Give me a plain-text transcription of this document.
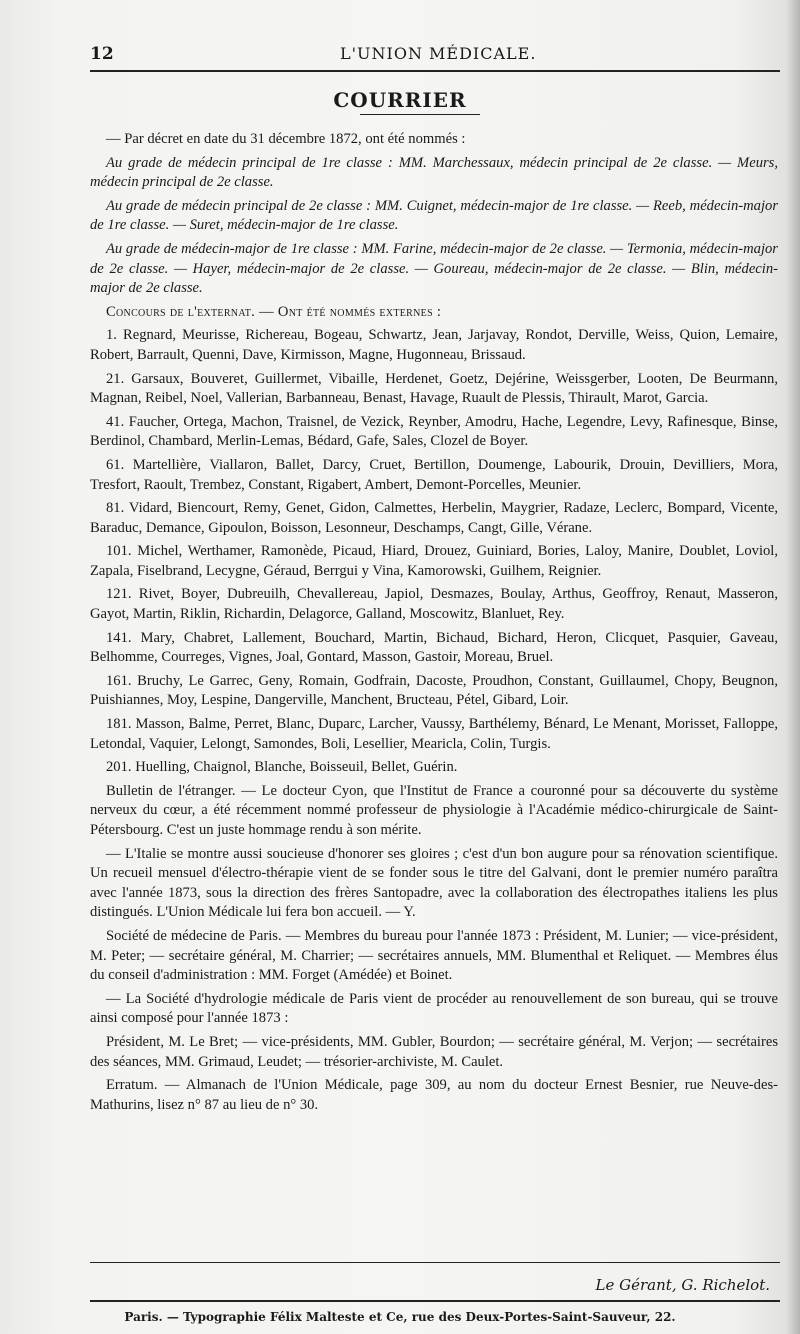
12	L'UNION MÉDICALE.
COURRIER

— Par décret en date du 31 décembre 1872, ont été nommés :

Au grade de médecin principal de 1re classe : MM. Marchessaux, médecin principal de 2e classe. — Meurs, médecin principal de 2e classe.

Au grade de médecin principal de 2e classe : MM. Cuignet, médecin-major de 1re classe. — Reeb, médecin-major de 1re classe. — Suret, médecin-major de 1re classe.

Au grade de médecin-major de 1re classe : MM. Farine, médecin-major de 2e classe. — Termonia, médecin-major de 2e classe. — Hayer, médecin-major de 2e classe. — Goureau, médecin-major de 2e classe. — Blin, médecin-major de 2e classe.

Concours de l'externat. — Ont été nommés externes :

1. Regnard, Meurisse, Richereau, Bogeau, Schwartz, Jean, Jarjavay, Rondot, Derville, Weiss, Quion, Lemaire, Robert, Barrault, Quenni, Dave, Kirmisson, Magne, Hugonneau, Brissaud.

21. Garsaux, Bouveret, Guillermet, Vibaille, Herdenet, Goetz, Dejérine, Weissgerber, Looten, De Beurmann, Magnan, Reibel, Noel, Vallerian, Barbanneau, Benast, Havage, Ruault de Plessis, Thirault, Marot, Garcia.

41. Faucher, Ortega, Machon, Traisnel, de Vezick, Reynber, Amodru, Hache, Legendre, Levy, Rafinesque, Binse, Berdinol, Chambard, Merlin-Lemas, Bédard, Gafe, Sales, Clozel de Boyer.

61. Martellière, Viallaron, Ballet, Darcy, Cruet, Bertillon, Doumenge, Labourik, Drouin, Devilliers, Mora, Tresfort, Raoult, Trembez, Constant, Rigabert, Ambert, Demont-Porcelles, Meunier.

81. Vidard, Biencourt, Remy, Genet, Gidon, Calmettes, Herbelin, Maygrier, Radaze, Leclerc, Bompard, Vicente, Baraduc, Demance, Gipoulon, Boisson, Lesonneur, Deschamps, Cangt, Gille, Vérane.

101. Michel, Werthamer, Ramonède, Picaud, Hiard, Drouez, Guiniard, Bories, Laloy, Manire, Doublet, Loviol, Zapala, Fiselbrand, Lecygne, Géraud, Berrgui y Vina, Kamorowski, Guilhem, Reignier.

121. Rivet, Boyer, Dubreuilh, Chevallereau, Japiol, Desmazes, Boulay, Arthus, Geoffroy, Renaut, Masseron, Gayot, Martin, Riklin, Richardin, Delagorce, Galland, Moscowitz, Blanluet, Rey.

141. Mary, Chabret, Lallement, Bouchard, Martin, Bichaud, Bichard, Heron, Clicquet, Pasquier, Gaveau, Belhomme, Courreges, Vignes, Joal, Gontard, Masson, Gastoir, Moreau, Bruel.

161. Bruchy, Le Garrec, Geny, Romain, Godfrain, Dacoste, Proudhon, Constant, Guillaumel, Chopy, Beugnon, Puishiannes, Moy, Lespine, Dangerville, Manchent, Bructeau, Pétel, Gibard, Loir.

181. Masson, Balme, Perret, Blanc, Duparc, Larcher, Vaussy, Barthélemy, Bénard, Le Menant, Morisset, Falloppe, Letondal, Vaquier, Lelongt, Samondes, Boli, Lesellier, Mearicla, Colin, Turgis.

201. Huelling, Chaignol, Blanche, Boisseuil, Bellet, Guérin.

Bulletin de l'étranger. — Le docteur Cyon, que l'Institut de France a couronné pour sa découverte du système nerveux du cœur, a été récemment nommé professeur de physiologie à l'Académie médico-chirurgicale de Saint-Pétersbourg. C'est un juste hommage rendu à son mérite.

— L'Italie se montre aussi soucieuse d'honorer ses gloires ; c'est d'un bon augure pour sa rénovation scientifique. Un recueil mensuel d'électro-thérapie vient de se fonder sous le titre del Galvani, dont le premier numéro paraîtra avec l'année 1873, sous la direction des frères Santopadre, avec la collaboration des électropathes italiens les plus distingués. L'Union Médicale lui fera bon accueil. — Y.

Société de médecine de Paris. — Membres du bureau pour l'année 1873 : Président, M. Lunier; — vice-président, M. Peter; — secrétaire général, M. Charrier; — secrétaires annuels, MM. Blumenthal et Reliquet. — Membres élus du conseil d'administration : MM. Forget (Amédée) et Boinet.

— La Société d'hydrologie médicale de Paris vient de procéder au renouvellement de son bureau, qui se trouve ainsi composé pour l'année 1873 :

Président, M. Le Bret; — vice-présidents, MM. Gubler, Bourdon; — secrétaire général, M. Verjon; — secrétaires des séances, MM. Grimaud, Leudet; — trésorier-archiviste, M. Caulet.

Erratum. — Almanach de l'Union Médicale, page 309, au nom du docteur Ernest Besnier, rue Neuve-des-Mathurins, lisez n° 87 au lieu de n° 30.

Le Gérant, G. Richelot.
Paris. — Typographie Félix Malteste et Ce, rue des Deux-Portes-Saint-Sauveur, 22.
